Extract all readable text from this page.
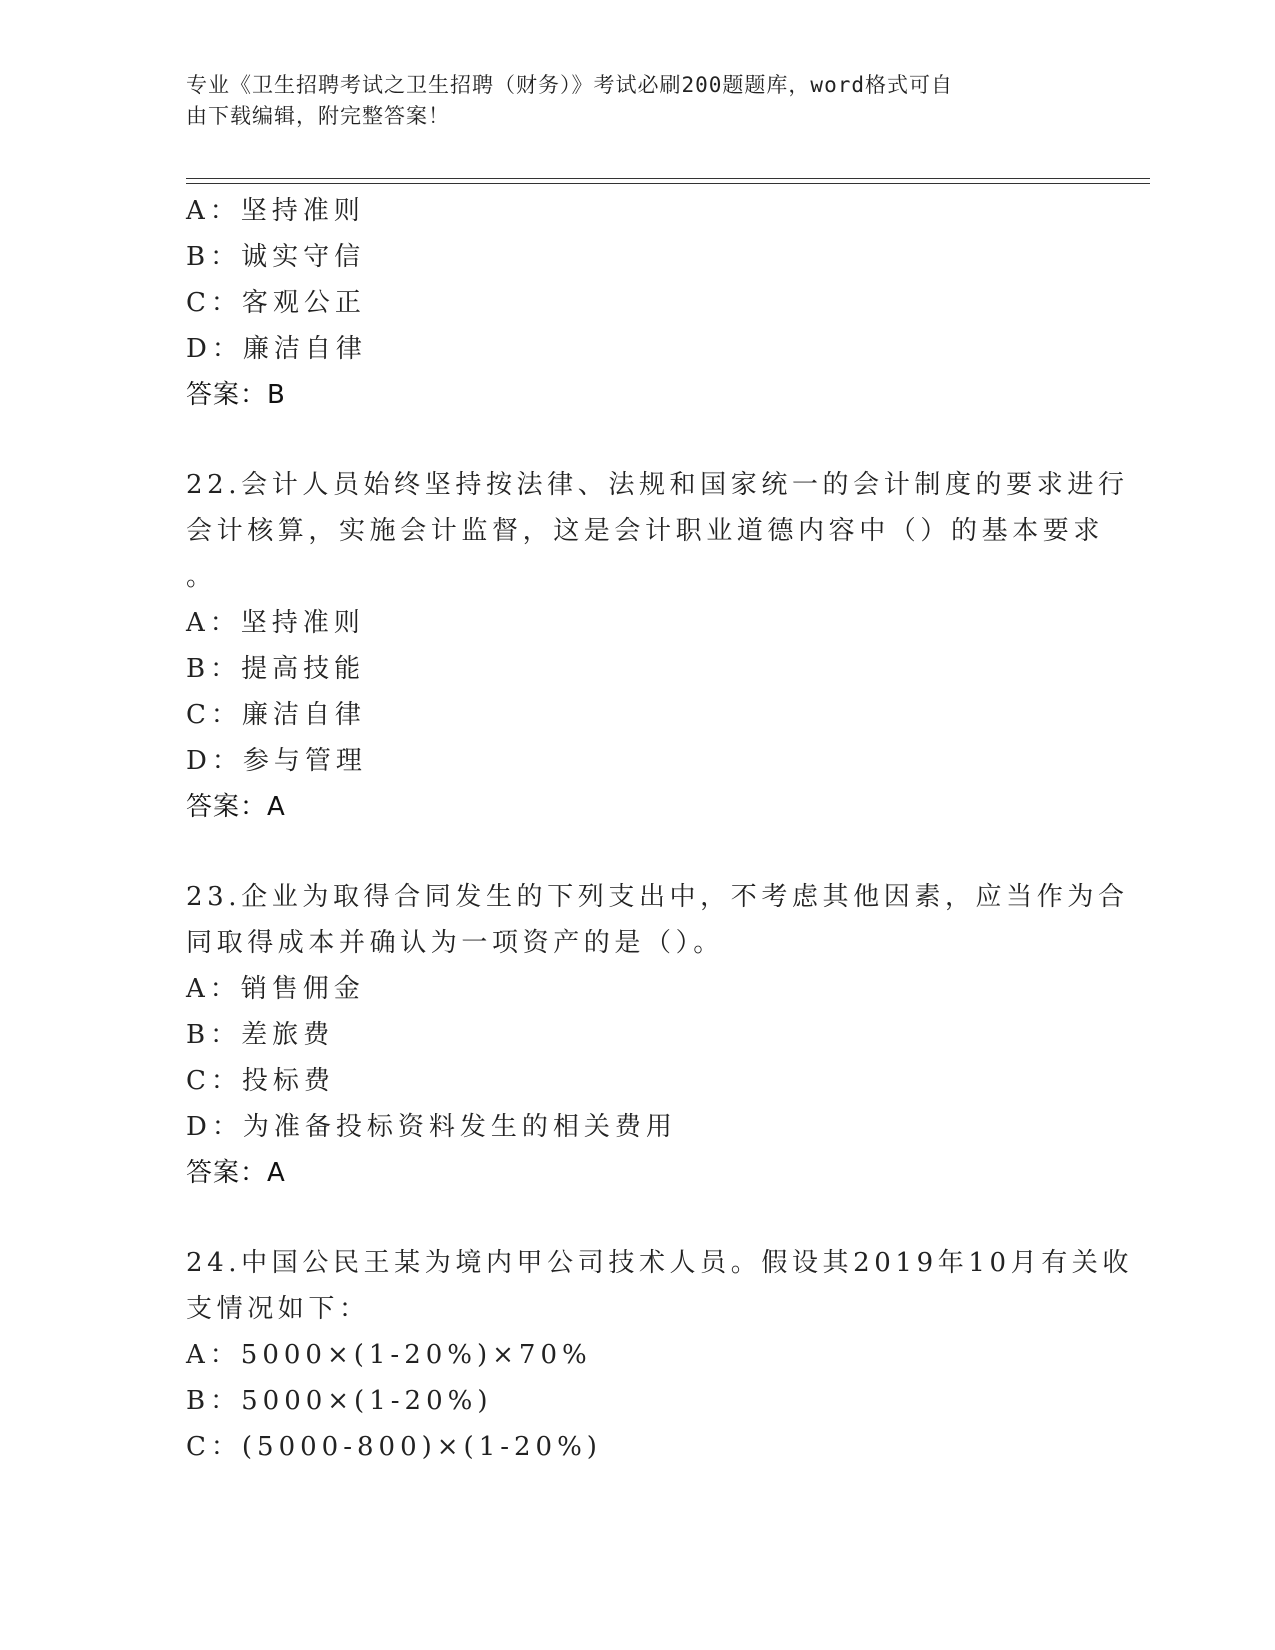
专业《卫生招聘考试之卫生招聘（财务）》考试必刷200题题库，word格式可自
由下载编辑，附完整答案！
A：坚持准则
B：诚实守信
C：客观公正
D：廉洁自律
答案：B
22.会计人员始终坚持按法律、法规和国家统一的会计制度的要求进行
会计核算，实施会计监督，这是会计职业道德内容中（）的基本要求
。
A：坚持准则
B：提高技能
C：廉洁自律
D：参与管理
答案：A
23.企业为取得合同发生的下列支出中，不考虑其他因素，应当作为合
同取得成本并确认为一项资产的是（）。
A：销售佣金
B：差旅费
C：投标费
D：为准备投标资料发生的相关费用
答案：A
24.中国公民王某为境内甲公司技术人员。假设其2019年10月有关收
支情况如下：
A：5000×(1-20%)×70%
B：5000×(1-20%)
C：(5000-800)×(1-20%)
